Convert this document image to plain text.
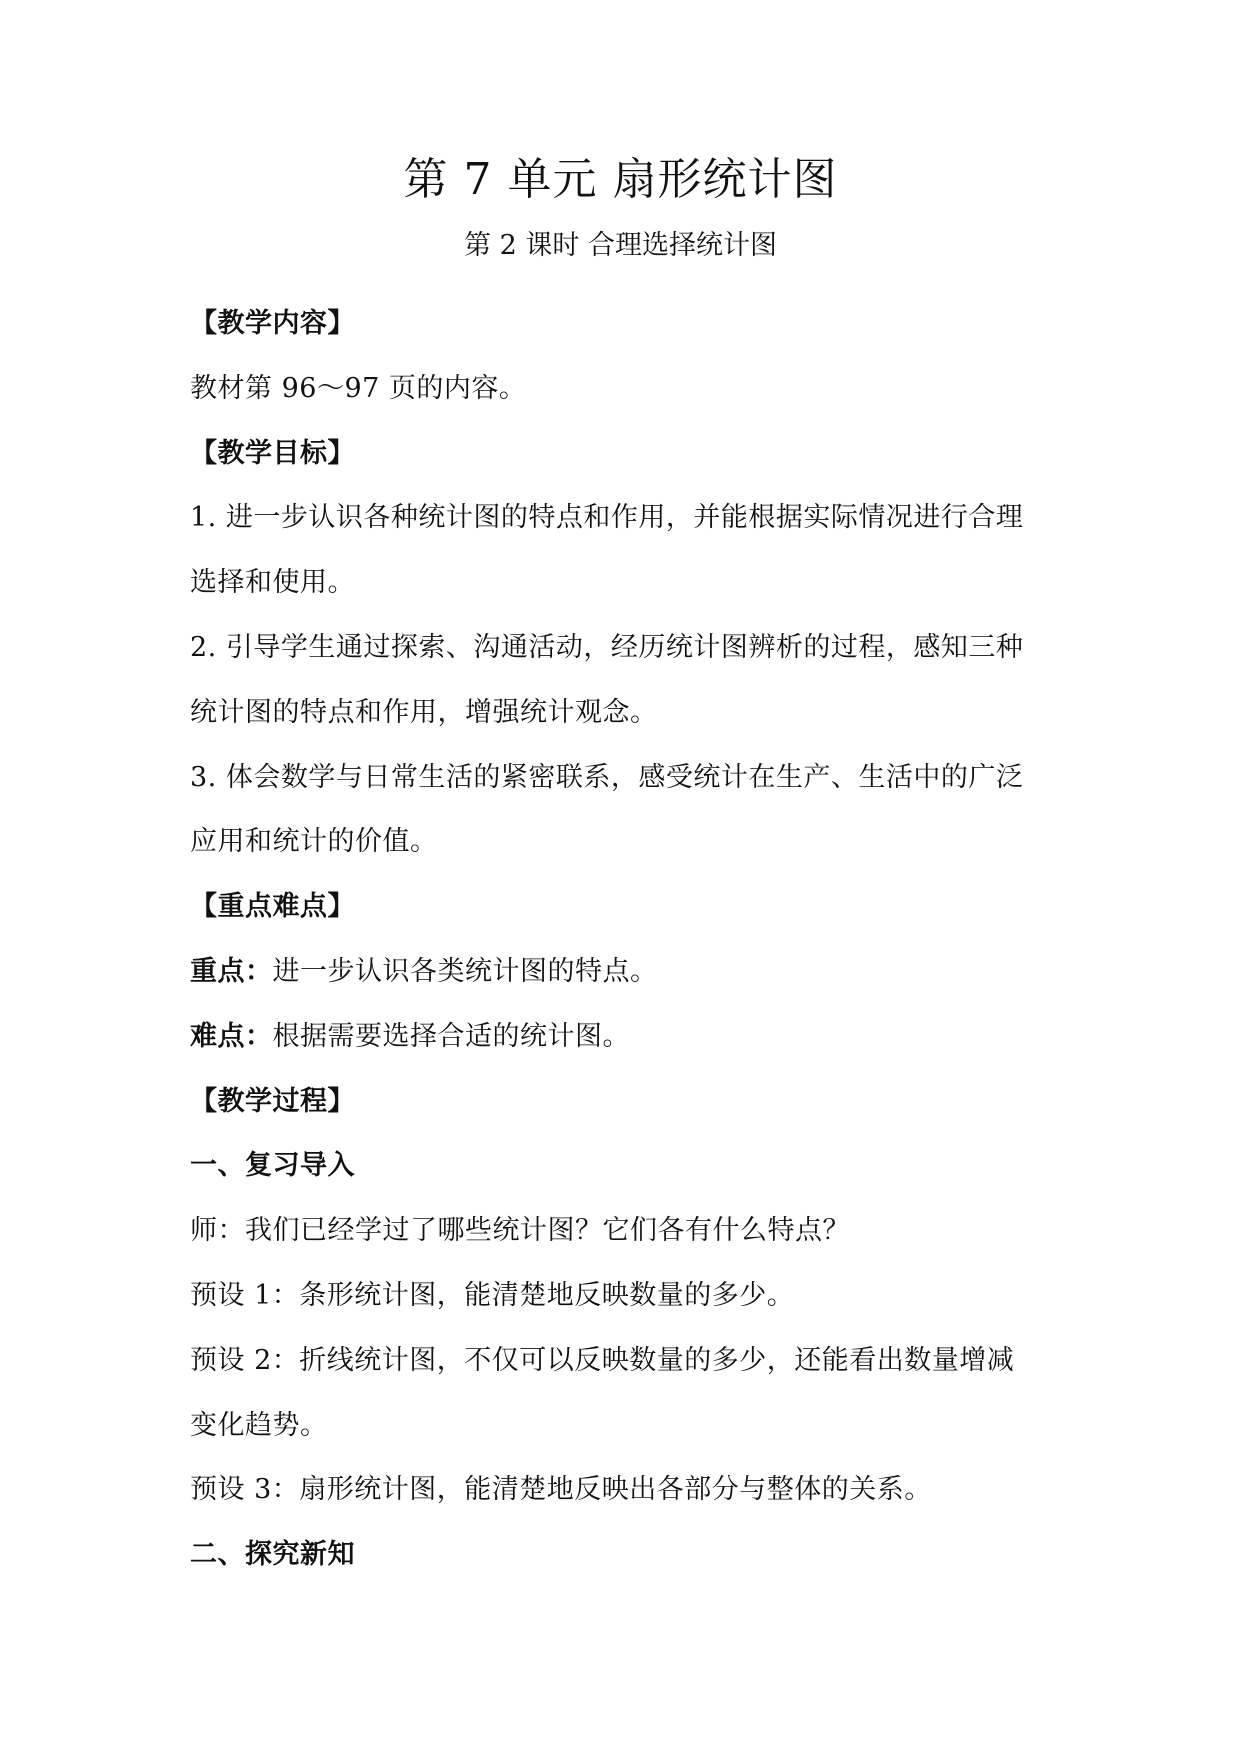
第 7 单元 扇形统计图
第 2 课时 合理选择统计图

【教学内容】

教材第 96～97 页的内容。

【教学目标】

1. 进一步认识各种统计图的特点和作用，并能根据实际情况进行合理

选择和使用。

2. 引导学生通过探索、沟通活动，经历统计图辨析的过程，感知三种

统计图的特点和作用，增强统计观念。

3. 体会数学与日常生活的紧密联系，感受统计在生产、生活中的广泛

应用和统计的价值。

【重点难点】

重点：进一步认识各类统计图的特点。

难点：根据需要选择合适的统计图。

【教学过程】

一、复习导入

师：我们已经学过了哪些统计图？它们各有什么特点？

预设 1：条形统计图，能清楚地反映数量的多少。

预设 2：折线统计图，不仅可以反映数量的多少，还能看出数量增减

变化趋势。

预设 3：扇形统计图，能清楚地反映出各部分与整体的关系。

二、探究新知
